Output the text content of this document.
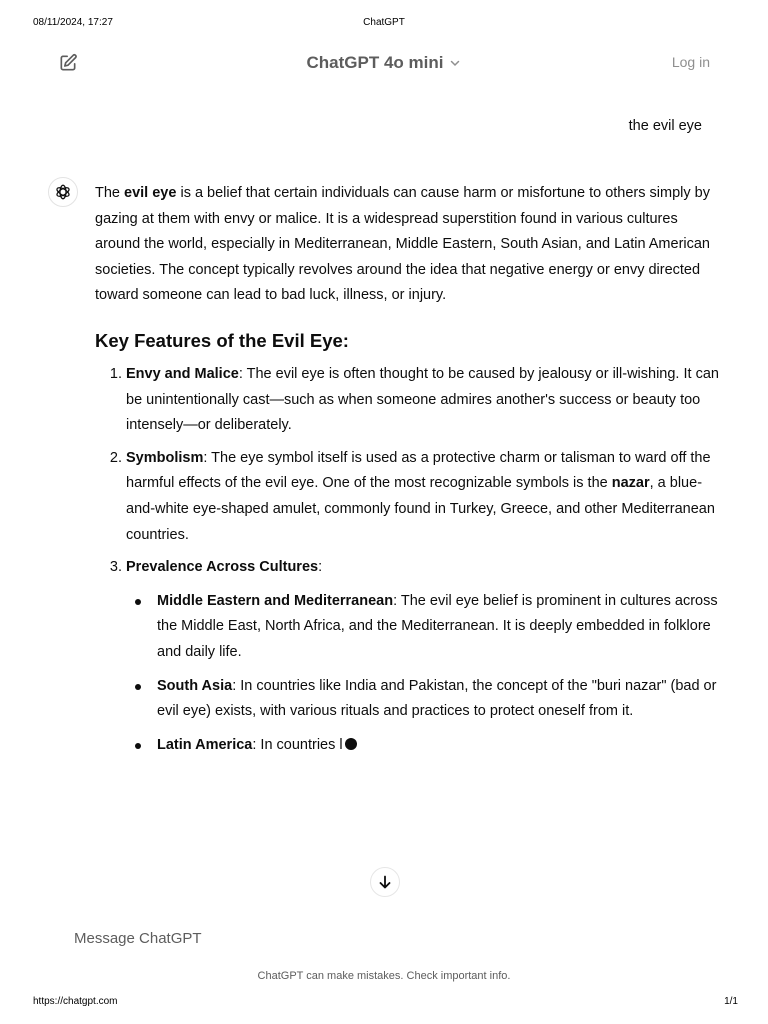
08/11/2024, 17:27	ChatGPT
ChatGPT 4o mini	Log in
the evil eye

The evil eye is a belief that certain individuals can cause harm or misfortune to others simply by gazing at them with envy or malice. It is a widespread superstition found in various cultures around the world, especially in Mediterranean, Middle Eastern, South Asian, and Latin American societies. The concept typically revolves around the idea that negative energy or envy directed toward someone can lead to bad luck, illness, or injury.

Key Features of the Evil Eye:
1. Envy and Malice: The evil eye is often thought to be caused by jealousy or ill-wishing. It can be unintentionally cast—such as when someone admires another's success or beauty too intensely—or deliberately.
2. Symbolism: The eye symbol itself is used as a protective charm or talisman to ward off the harmful effects of the evil eye. One of the most recognizable symbols is the nazar, a blue-and-white eye-shaped amulet, commonly found in Turkey, Greece, and other Mediterranean countries.
3. Prevalence Across Cultures:
Middle Eastern and Mediterranean: The evil eye belief is prominent in cultures across the Middle East, North Africa, and the Mediterranean. It is deeply embedded in folklore and daily life.
South Asia: In countries like India and Pakistan, the concept of the "buri nazar" (bad or evil eye) exists, with various rituals and practices to protect oneself from it.
Latin America: In countries l
Message ChatGPT
ChatGPT can make mistakes. Check important info.
https://chatgpt.com	1/1
